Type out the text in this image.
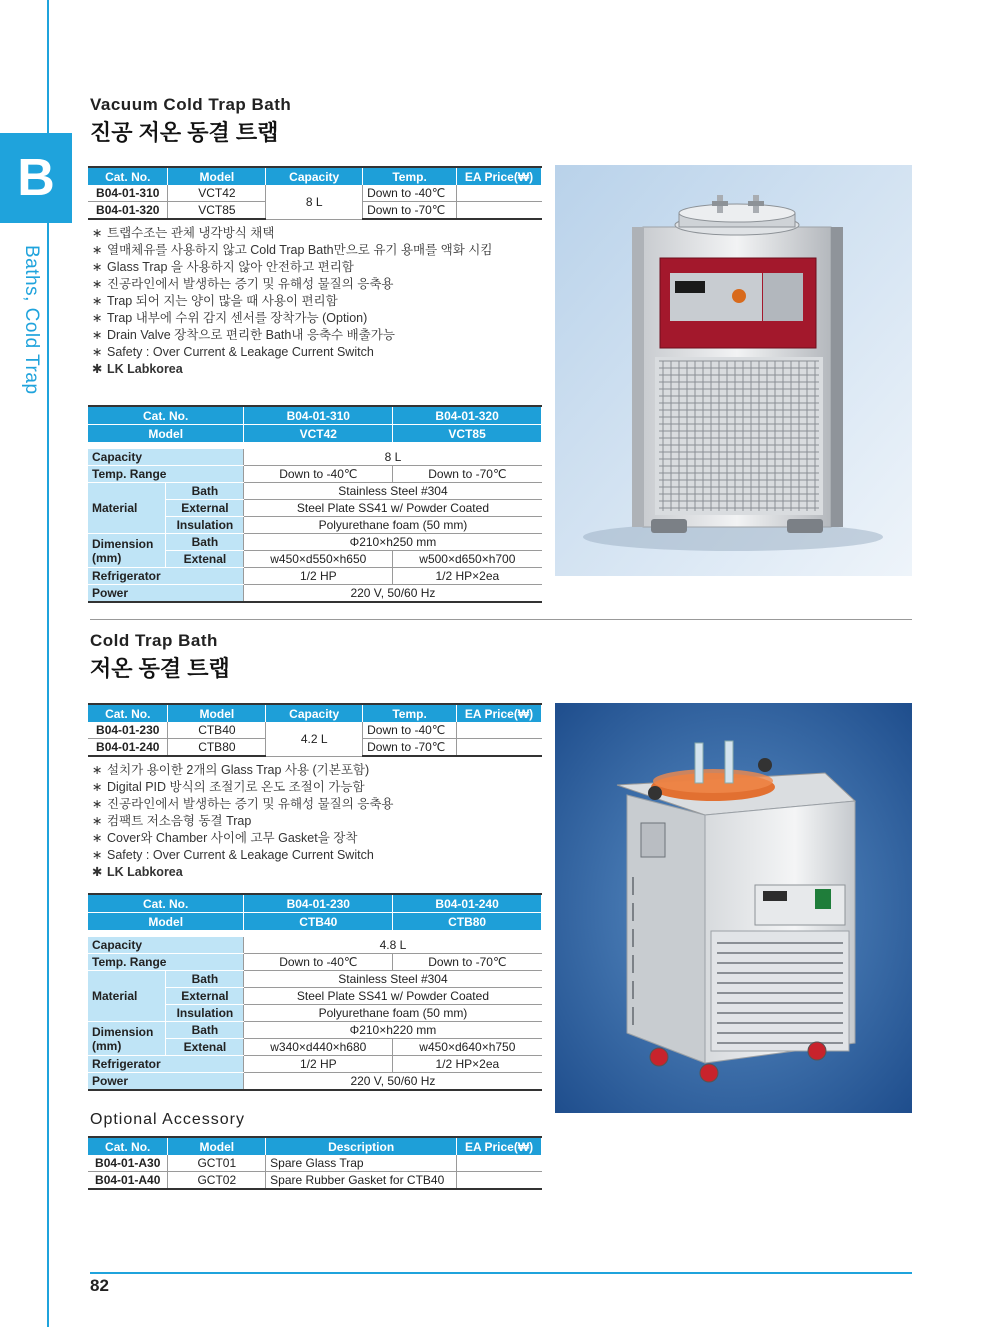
B
Baths, Cold Trap
Vacuum Cold Trap Bath
진공 저온 동결 트랩
Cat. No.	Model	Capacity	Temp.	EA Price(₩)
B04-01-310	VCT42	8 L	Down to -40℃	
B04-01-320	VCT85		Down to -70℃	
∗ 트랩수조는 관체 냉각방식 채택
∗ 열매체유를 사용하지 않고 Cold Trap Bath만으로 유기 용매를 액화 시킴
∗ Glass Trap 을 사용하지 않아 안전하고 편리함
∗ 진공라인에서 발생하는 증기 및 유해성 물질의 응축용
∗ Trap 되어 지는 양이 많을 때 사용이 편리함
∗ Trap 내부에 수위 감지 센서를 장착가능 (Option)
∗ Drain Valve 장착으로 편리한 Bath내 응축수 배출가능
∗ Safety : Over Current & Leakage Current Switch
✱ LK Labkorea
Cat. No.		B04-01-310	B04-01-320
Model		VCT42	VCT85

Capacity		8 L	
Temp. Range		Down to -40℃	Down to -70℃
Material	Bath	Stainless Steel #304	
	External	Steel Plate SS41 w/ Powder Coated	
	Insulation	Polyurethane foam (50 mm)	
Dimension
(mm)	Bath	Φ210×h250 mm	
	Extenal	w450×d550×h650	w500×d650×h700
Refrigerator		1/2 HP	1/2 HP×2ea
Power		220 V, 50/60 Hz	
Cold Trap Bath
저온 동결 트랩
Cat. No.	Model	Capacity	Temp.	EA Price(₩)
B04-01-230	CTB40	4.2 L	Down to -40℃	
B04-01-240	CTB80		Down to -70℃	
∗ 설치가 용이한 2개의 Glass Trap 사용 (기본포함)
∗ Digital PID 방식의 조절기로 온도 조절이 가능함
∗ 진공라인에서 발생하는 증기 및 유해성 물질의 응축용
∗ 컴팩트 저소음형 동결 Trap
∗ Cover와 Chamber 사이에 고무 Gasket을 장착
∗ Safety : Over Current & Leakage Current Switch
✱ LK Labkorea
Cat. No.		B04-01-230	B04-01-240
Model		CTB40	CTB80

Capacity		4.8 L	
Temp. Range		Down to -40℃	Down to -70℃
Material	Bath	Stainless Steel #304	
	External	Steel Plate SS41 w/ Powder Coated	
	Insulation	Polyurethane foam (50 mm)	
Dimension
(mm)	Bath	Φ210×h220 mm	
	Extenal	w340×d440×h680	w450×d640×h750
Refrigerator		1/2 HP	1/2 HP×2ea
Power		220 V, 50/60 Hz	
Optional Accessory
Cat. No.	Model	Description	EA Price(₩)
B04-01-A30	GCT01	Spare Glass Trap	
B04-01-A40	GCT02	Spare Rubber Gasket for CTB40	
82
